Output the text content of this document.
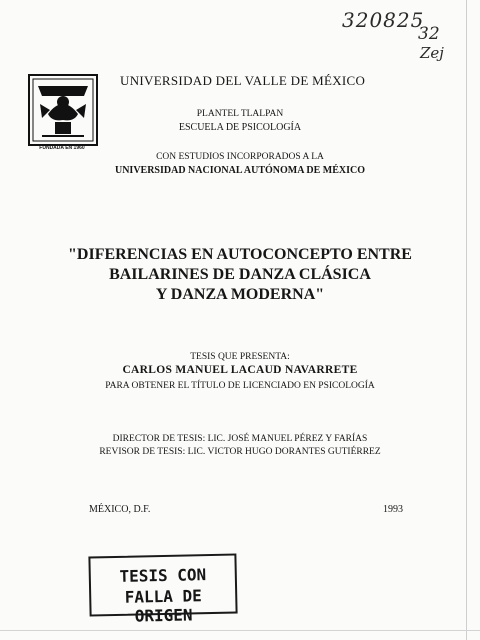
320825
32
Zej
FUNDADA EN 1960
UNIVERSIDAD DEL VALLE DE MÉXICO
PLANTEL TLALPAN
ESCUELA DE PSICOLOGÍA
CON ESTUDIOS INCORPORADOS A LA
UNIVERSIDAD NACIONAL AUTÓNOMA DE MÉXICO
"DIFERENCIAS EN AUTOCONCEPTO ENTRE
BAILARINES DE DANZA CLÁSICA
Y DANZA MODERNA"
TESIS QUE PRESENTA:
CARLOS MANUEL LACAUD NAVARRETE
PARA OBTENER EL TÍTULO DE LICENCIADO EN PSICOLOGÍA
DIRECTOR DE TESIS: LIC. JOSÉ MANUEL PÉREZ Y FARÍAS
REVISOR DE TESIS: LIC. VICTOR HUGO DORANTES GUTIÉRREZ
MÉXICO, D.F.	1993
TESIS CON
FALLA DE ORIGEN
